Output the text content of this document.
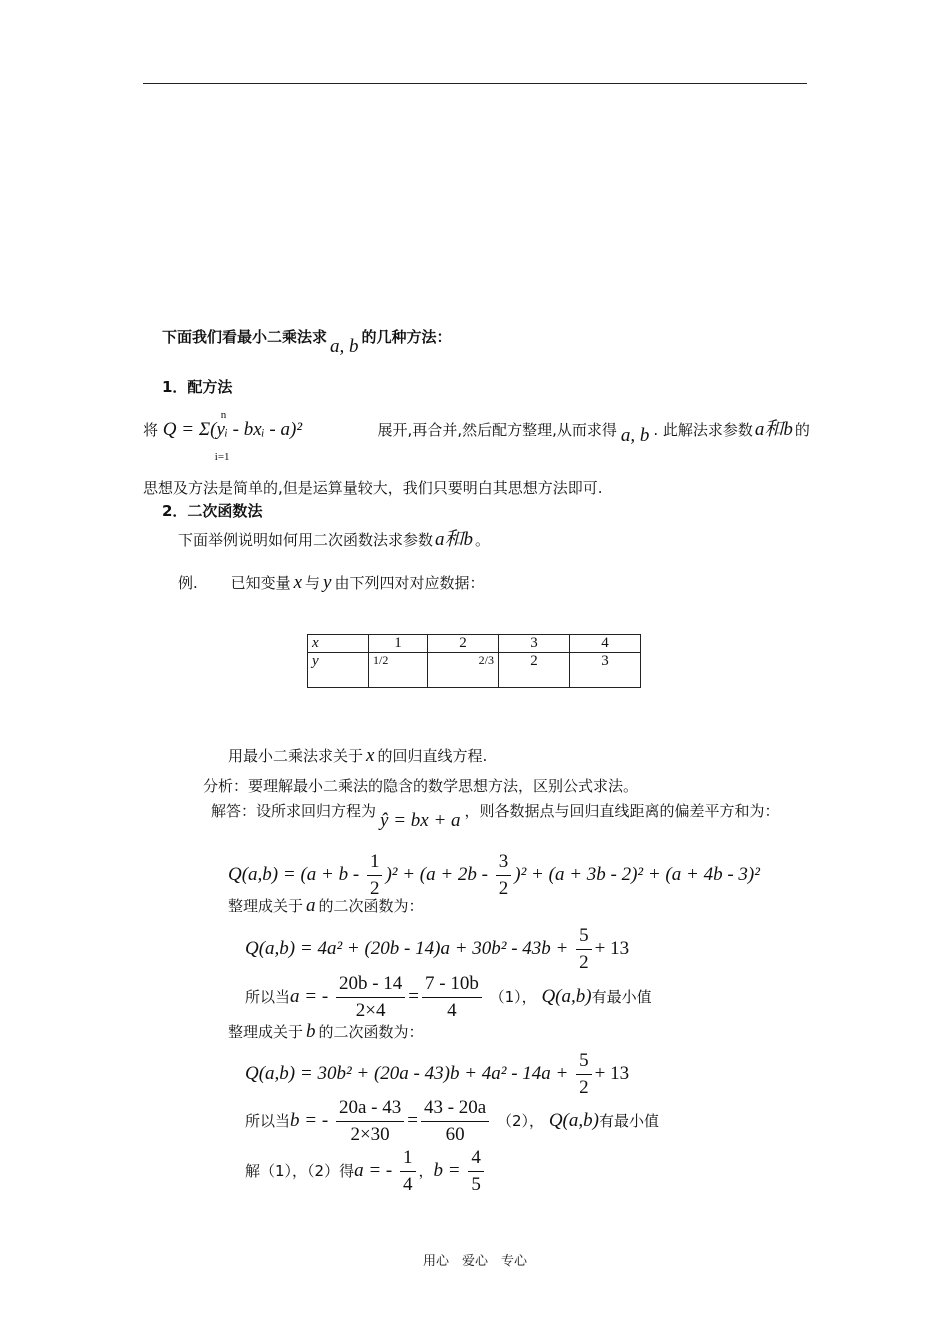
下面我们看最小二乘法求 a, b 的几种方法：
1．配方法
将
n
i=1
Q = Σ(yᵢ - bxᵢ - a)²	展开,再合并,然后配方整理,从而求得 a, b . 此解法求参数 a和b 的
思想及方法是简单的,但是运算量较大，我们只要明白其思想方法即可.
2．二次函数法
下面举例说明如何用二次函数法求参数 a和b 。
例. 已知变量 x 与 y 由下列四对对应数据：
x	1	2	3	4
y	1/2	2/3	2	3
用最小二乘法求关于 x 的回归直线方程.
分析：要理解最小二乘法的隐含的数学思想方法，区别公式求法。
解答：设所求回归方程为 ŷ = bx + a ，则各数据点与回归直线距离的偏差平方和为：
$Q(a,b) = (a + b - \frac{1}{2} )^2 + (a + 2b - \frac{3}{2} )^2 + (a + 3b - 2)^2 + (a + 4b - 3)^2$
整理成关于 a 的二次函数为：
$Q(a,b) = 4a^2 + (20b - 14)a + 30b^2 - 43b + \frac{5}{2} + 13$
所以当a = - $\frac{20b - 14}{2\times 4} = \frac{7 - 10b}{4} (1)$， Q(a,b)有最小值
整理成关于 b 的二次函数为：
$Q(a,b) = 30b^2 + (20a - 43)b + 4a^2 - 14a + \frac{5}{2} + 13$
所以当b = - $\frac{20a - 43}{2\times 30} = \frac{43 - 20a}{60} (2)$， Q(a,b)有最小值
解（1），（2）得a = - $\frac{1}{4}$ ，$b = \frac{4}{5}$
用心　爱心　专心
